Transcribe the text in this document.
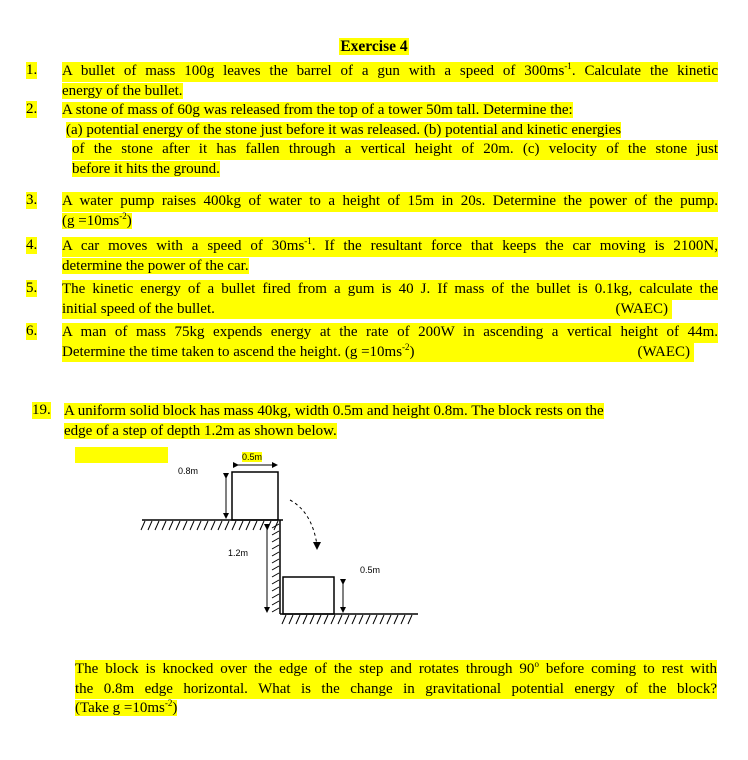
Exercise 4
1. A bullet of mass 100g leaves the barrel of a gun with a speed of $300ms^{-1}$. Calculate the kinetic
energy of the bullet.
2. A stone of mass of 60g was released from the top of a tower 50m tall. Determine the:
(a) potential energy of the stone just before it was released. (b) potential and kinetic energies
of the stone after it has fallen through a vertical height of 20m. (c) velocity of the stone just
before it hits the ground.
3. A water pump raises 400kg of water to a height of 15m in 20s. Determine the power of the pump.
$(g =10ms^{-2})$
4. A car moves with a speed of $30ms^{-1}$. If the resultant force that keeps the car moving is 2100N,
determine the power of the car.
5. The kinetic energy of a bullet fired from a gum is 40 J. If mass of the bullet is 0.1kg, calculate the
initial speed of the bullet.	(WAEC)
6. A man of mass 75kg expends energy at the rate of 200W in ascending a vertical height of 44m.
Determine the time taken to ascend the height. $(g =10ms^{-2})$	(WAEC)
19. A uniform solid block has mass 40kg, width 0.5m and height 0.8m. The block rests on the
edge of a step of depth 1.2m as shown below.
0.5m
0.8m
1.2m
0.5m
The block is knocked over the edge of the step and rotates through 90$^o$ before coming to rest with
the 0.8m edge horizontal. What is the change in gravitational potential energy of the block?
(Take $g =10ms^{-2}$)
